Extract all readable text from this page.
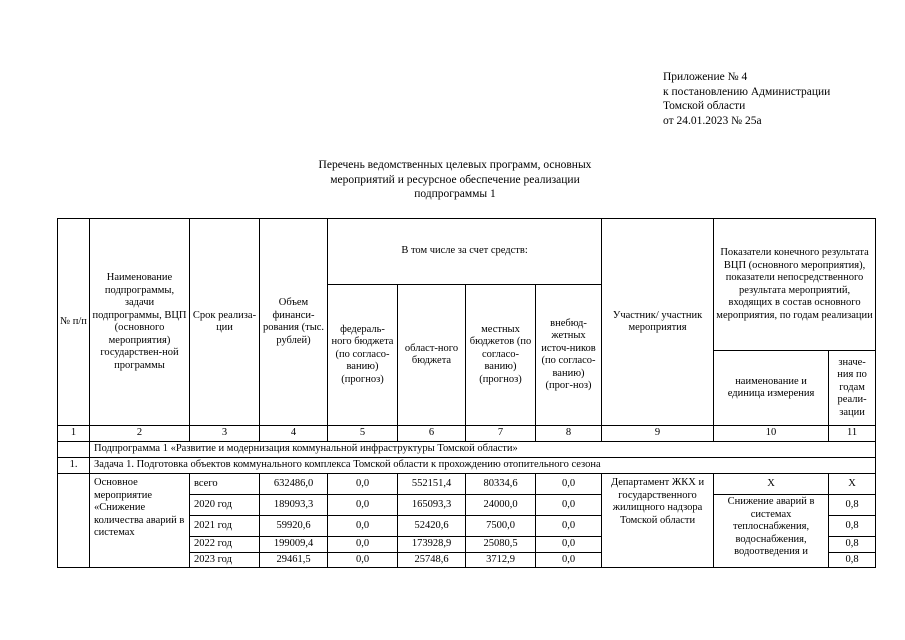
Приложение № 4
к постановлению Администрации
Томской области
от 24.01.2023 № 25а
Перечень ведомственных целевых программ, основных
мероприятий и ресурсное обеспечение реализации
подпрограммы 1
№ п/п	Наименование подпрограммы, задачи подпрограммы, ВЦП (основного мероприятия) государствен-ной программы	Срок реализа-ции	Объем финанси-рования (тыс. рублей)	В том числе за счет средств:				Участник/ участник мероприятия	Показатели конечного результата ВЦП (основного мероприятия), показатели непосредственного результата мероприятий, входящих в состав основного мероприятия, по годам реализации	
				федераль-ного бюджета (по согласо-ванию) (прогноз)	област-ного бюджета	местных бюджетов (по согласо-ванию) (прогноз)	внебюд-жетных источ-ников (по согласо-ванию) (прог-ноз)			
									наименование и единица измерения	значе-ния по годам реали-зации
1	2	3	4	5	6	7	8	9	10	11
	Подпрограмма 1 «Развитие и модернизация коммунальной инфраструктуры Томской области»									
1.	Задача 1. Подготовка объектов коммунального комплекса Томской области к прохождению отопительного сезона									
	Основное мероприятие «Снижение количества аварий в системах	всего	632486,0	0,0	552151,4	80334,6	0,0	Департамент ЖКХ и государственного жилищного надзора Томской области	Х	Х
		2020 год	189093,3	0,0	165093,3	24000,0	0,0		Снижение аварий в системах теплоснабжения, водоснабжения, водоотведения и	0,8
		2021 год	59920,6	0,0	52420,6	7500,0	0,0			0,8
		2022 год	199009,4	0,0	173928,9	25080,5	0,0			0,8
		2023 год	29461,5	0,0	25748,6	3712,9	0,0			0,8
